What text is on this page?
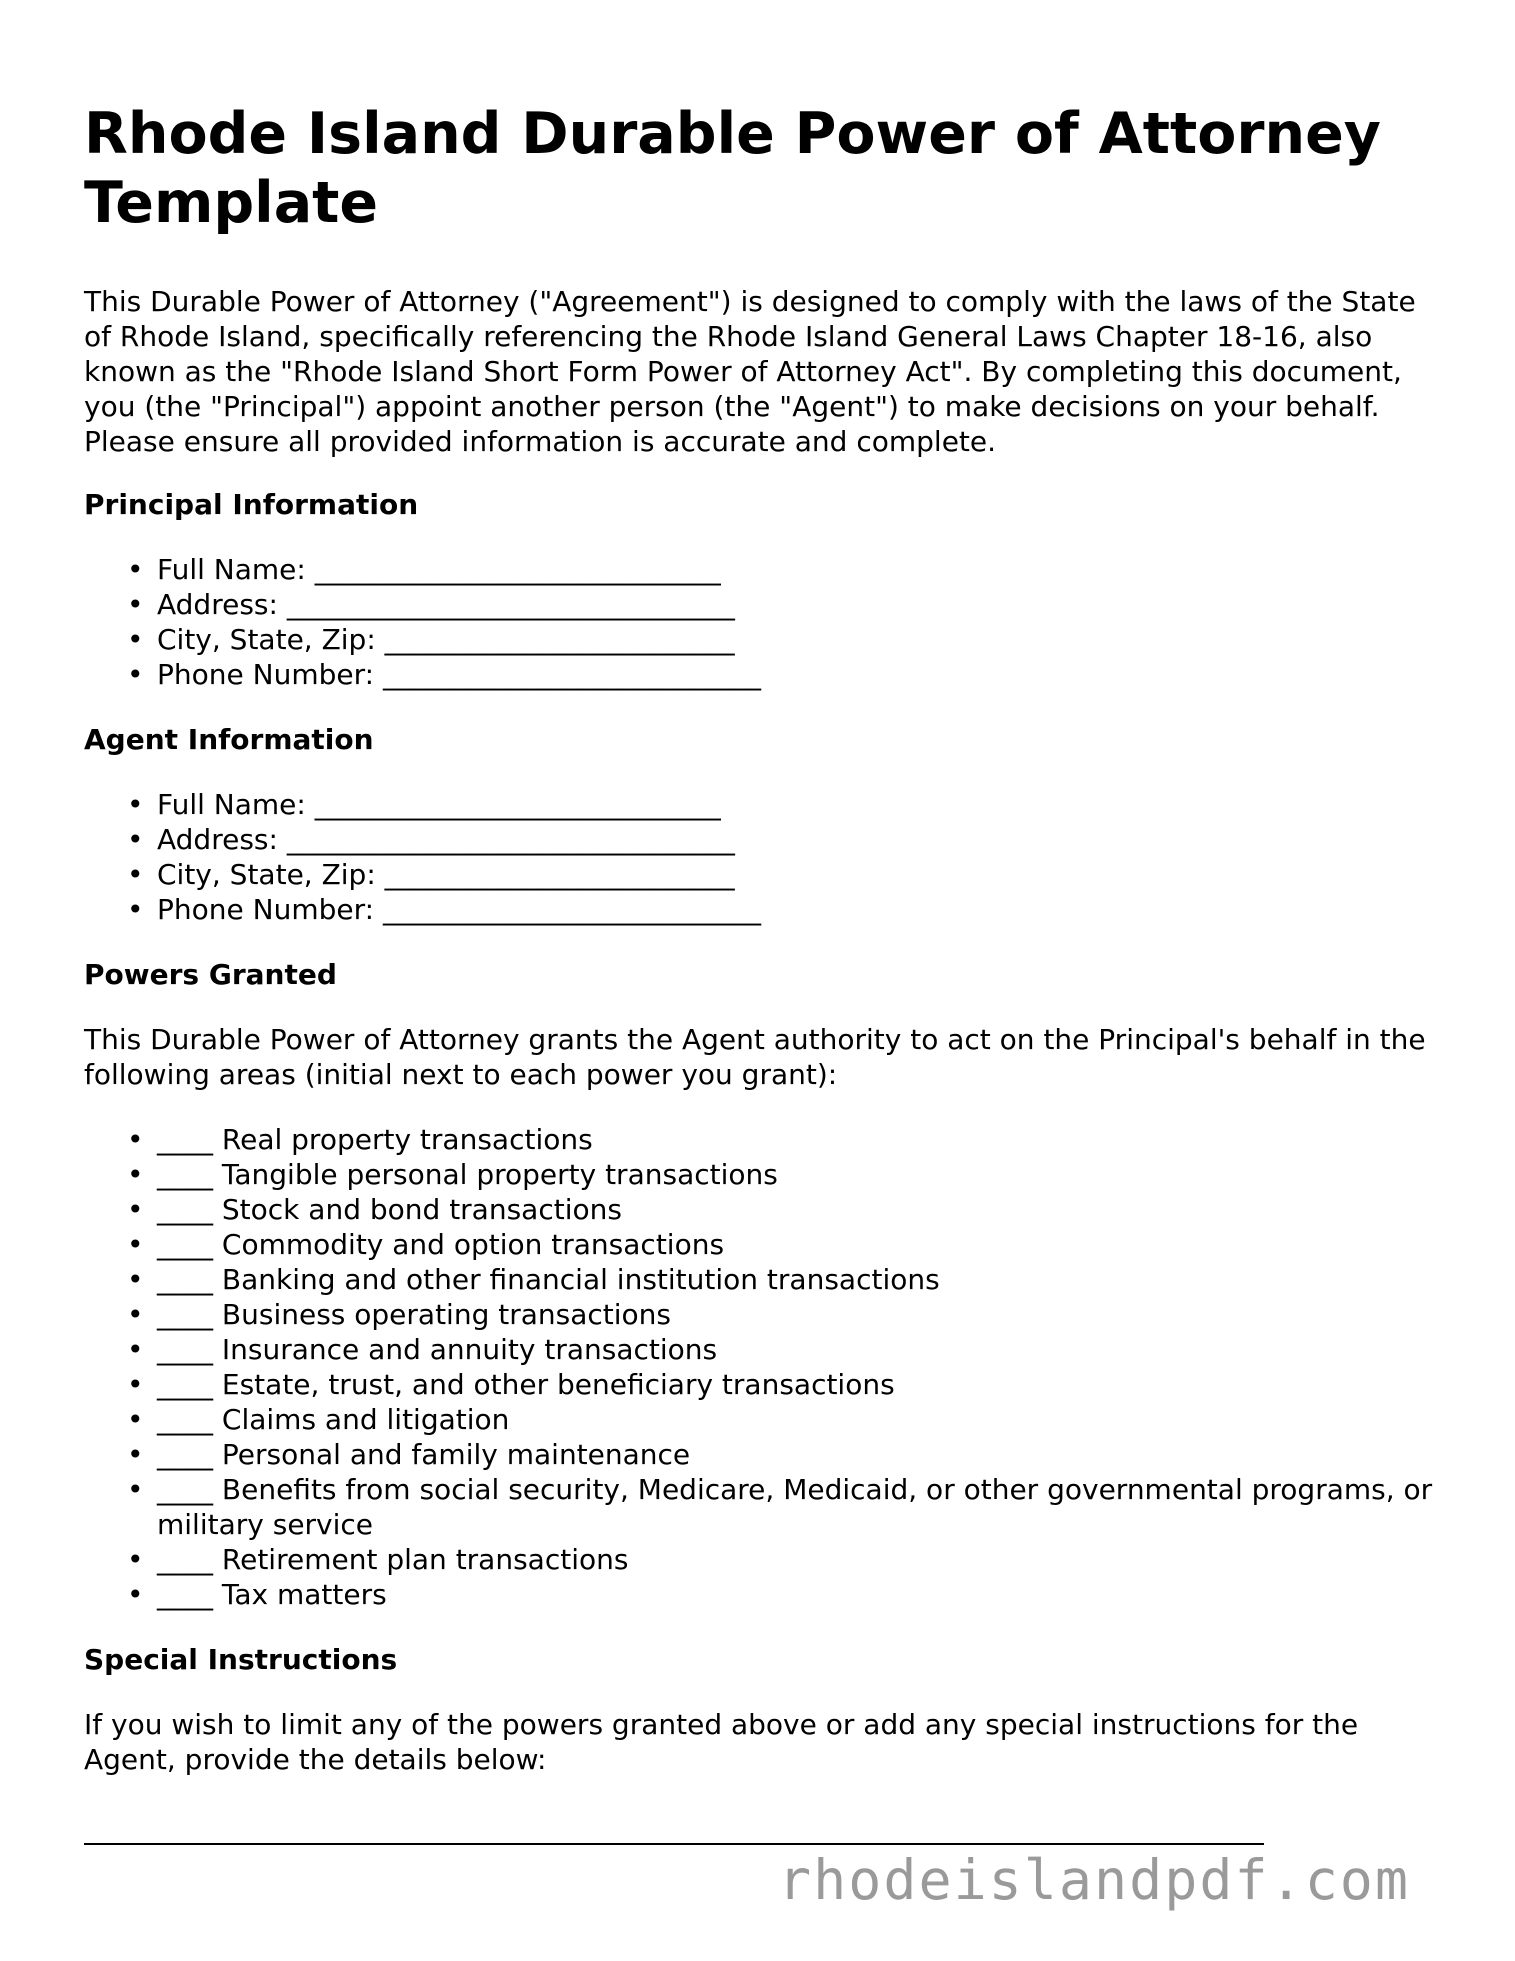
Rhode Island Durable Power of Attorney Template

This Durable Power of Attorney ("Agreement") is designed to comply with the laws of the State of Rhode Island, specifically referencing the Rhode Island General Laws Chapter 18-16, also known as the "Rhode Island Short Form Power of Attorney Act". By completing this document, you (the "Principal") appoint another person (the "Agent") to make decisions on your behalf. Please ensure all provided information is accurate and complete.

Principal Information
• Full Name: _____________________________
• Address: ________________________________
• City, State, Zip: _________________________
• Phone Number: ___________________________
Agent Information
• Full Name: _____________________________
• Address: ________________________________
• City, State, Zip: _________________________
• Phone Number: ___________________________
Powers Granted

This Durable Power of Attorney grants the Agent authority to act on the Principal's behalf in the following areas (initial next to each power you grant):

• ____ Real property transactions
• ____ Tangible personal property transactions
• ____ Stock and bond transactions
• ____ Commodity and option transactions
• ____ Banking and other financial institution transactions
• ____ Business operating transactions
• ____ Insurance and annuity transactions
• ____ Estate, trust, and other beneficiary transactions
• ____ Claims and litigation
• ____ Personal and family maintenance
• ____ Benefits from social security, Medicare, Medicaid, or other governmental programs, or military service
• ____ Retirement plan transactions
• ____ Tax matters
Special Instructions

If you wish to limit any of the powers granted above or add any special instructions for the Agent, provide the details below:

rhodeislandpdf.com
